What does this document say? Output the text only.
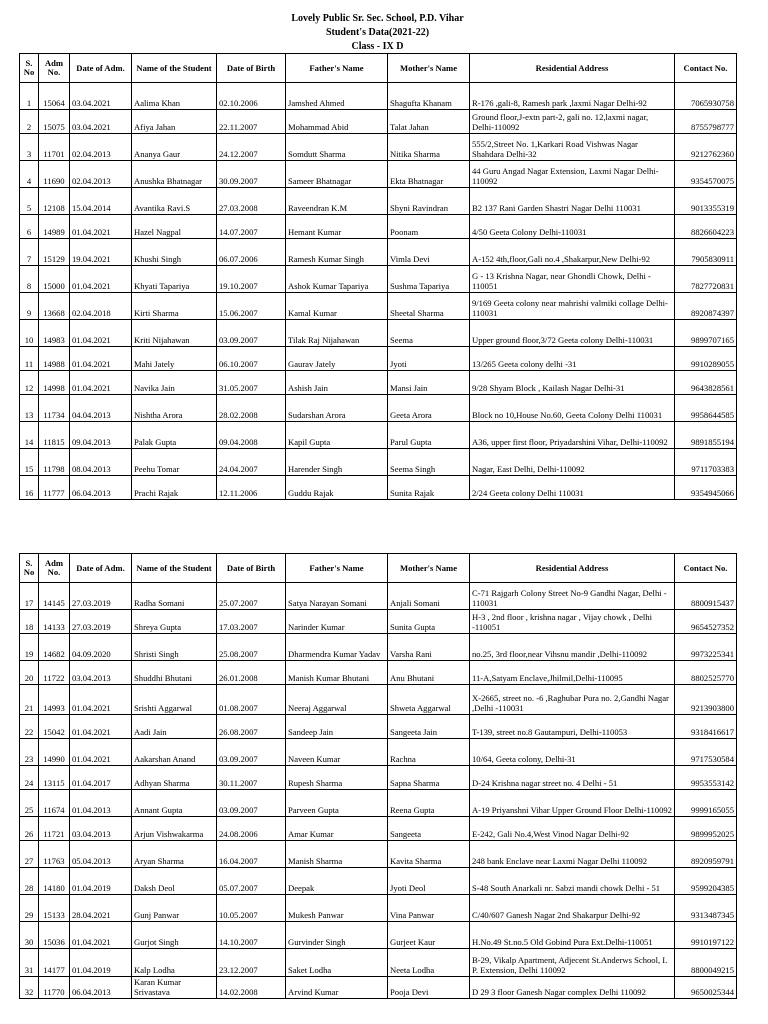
Lovely Public Sr. Sec. School, P.D. Vihar
Student's Data(2021-22)
Class - IX D
S. No	Adm No.	Date of Adm.	Name of the Student	Date of Birth	Father's Name	Mother's Name	Residential Address	Contact No.
1	15064	03.04.2021	Aalima Khan	02.10.2006	Jamshed Ahmed	Shagufta Khanam	R-176 ,gali-8, Ramesh park ,laxmi Nagar Delhi-92	7065930758
2	15075	03.04.2021	Afiya Jahan	22.11.2007	Mohammad Abid	Talat Jahan	Ground floor,J-extn part-2, gali no. 12,laxmi nagar, Delhi-110092	8755798777
3	11701	02.04.2013	Ananya Gaur	24.12.2007	Somdutt Sharma	Nitika Sharma	555/2,Street No. 1,Karkari Road Vishwas Nagar Shahdara Delhi-32	9212762360
4	11690	02.04.2013	Anushka Bhatnagar	30.09.2007	Sameer Bhatnagar	Ekta Bhatnagar	44 Guru Angad Nagar Extension, Laxmi Nagar Delhi- 110092	9354570075
5	12108	15.04.2014	Avantika Ravi.S	27.03.2008	Raveendran K.M	Shyni Ravindran	B2 137 Rani Garden Shastri Nagar Delhi 110031	9013355319
6	14989	01.04.2021	Hazel Nagpal	14.07.2007	Hemant Kumar	Poonam	4/50 Geeta Colony Delhi-110031	8826604223
7	15129	19.04.2021	Khushi Singh	06.07.2006	Ramesh Kumar Singh	Vimla Devi	A-152 4th,floor,Gali no.4 ,Shakarpur,New Delhi-92	7905830911
8	15000	01.04.2021	Khyati Tapariya	19.10.2007	Ashok Kumar Tapariya	Sushma Tapariya	G - 13 Krishna Nagar, near Ghondli Chowk, Delhi - 110051	7827720831
9	13668	02.04.2018	Kirti Sharma	15.06.2007	Kamal Kumar	Sheetal Sharma	9/169 Geeta colony near mahrishi valmiki collage Delhi-110031	8920874397
10	14983	01.04.2021	Kriti Nijahawan	03.09.2007	Tilak Raj Nijahawan	Seema	Upper ground floor,3/72 Geeta colony Delhi-110031	9899707165
11	14988	01.04.2021	Mahi Jately	06.10.2007	Gaurav Jately	Jyoti	13/265 Geeta colony delhi -31	9910289055
12	14998	01.04.2021	Navika Jain	31.05.2007	Ashish Jain	Mansi Jain	9/28 Shyam Block , Kailash Nagar Delhi-31	9643828561
13	11734	04.04.2013	Nishtha Arora	28.02.2008	Sudarshan Arora	Geeta Arora	Block no 10,House No.60, Geeta Colony Delhi 110031	9958644585
14	11815	09.04.2013	Palak Gupta	09.04.2008	Kapil Gupta	Parul Gupta	A36, upper first floor, Priyadarshini Vihar, Delhi-110092	9891855194
15	11798	08.04.2013	Peehu Tomar	24.04.2007	Harender Singh	Seema Singh	Nagar, East Delhi, Delhi-110092	9711703383
16	11777	06.04.2013	Prachi Rajak	12.11.2006	Guddu Rajak	Sunita Rajak	2/24 Geeta colony Delhi 110031	9354945066
S. No	Adm No.	Date of Adm.	Name of the Student	Date of Birth	Father's Name	Mother's Name	Residential Address	Contact No.
17	14145	27.03.2019	Radha Somani	25.07.2007	Satya Narayan Somani	Anjali Somani	C-71 Rajgarh Colony Street No-9 Gandhi Nagar, Delhi - 110031	8800915437
18	14133	27.03.2019	Shreya Gupta	17.03.2007	Narinder Kumar	Sunita Gupta	H-3 , 2nd floor , krishna nagar , Vijay chowk , Delhi -110051	9654527352
19	14682	04.09.2020	Shristi Singh	25.08.2007	Dharmendra Kumar Yadav	Varsha Rani	no.25, 3rd floor,near Vihsnu mandir ,Delhi-110092	9973225341
20	11722	03.04.2013	Shuddhi Bhutani	26.01.2008	Manish Kumar Bhutani	Anu Bhutani	11-A,Satyam Enclave,Jhilmil,Delhi-110095	8802525770
21	14993	01.04.2021	Srishti Aggarwal	01.08.2007	Neeraj Aggarwal	Shweta Aggarwal	X-2665, street no. -6 ,Raghubar Pura no. 2,Gandhi Nagar ,Delhi -110031	9213903800
22	15042	01.04.2021	Aadi Jain	26.08.2007	Sandeep Jain	Sangeeta Jain	T-139, street no.8 Gautampuri, Delhi-110053	9318416617
23	14990	01.04.2021	Aakarshan Anand	03.09.2007	Naveen Kumar	Rachna	10/64, Geeta colony, Delhi-31	9717530584
24	13115	01.04.2017	Adhyan Sharma	30.11.2007	Rupesh Sharma	Sapna Sharma	D-24 Krishna nagar street no. 4 Delhi - 51	9953553142
25	11674	01.04.2013	Annant Gupta	03.09.2007	Parveen Gupta	Reena Gupta	A-19 Priyanshni Vihar Upper Ground Floor Delhi-110092	9999165055
26	11721	03.04.2013	Arjun Vishwakarma	24.08.2006	Amar Kumar	Sangeeta	E-242, Gali No.4,West Vinod Nagar Delhi-92	9899952025
27	11763	05.04.2013	Aryan Sharma	16.04.2007	Manish Sharma	Kavita Sharma	248 bank Enclave near Laxmi Nagar Delhi 110092	8920959791
28	14180	01.04.2019	Daksh Deol	05.07.2007	Deepak	Jyoti Deol	S-48 South Anarkali nr. Sabzi mandi chowk Delhi - 51	9599204385
29	15133	28.04.2021	Gunj Panwar	10.05.2007	Mukesh Panwar	Vina Panwar	C/40/607 Ganesh Nagar 2nd Shakarpur Delhi-92	9313487345
30	15036	01.04.2021	Gurjot Singh	14.10.2007	Gurvinder Singh	Gurjeet Kaur	H.No.49 St.no.5 Old Gobind Pura Ext.Delhi-110051	9910197122
31	14177	01.04.2019	Kalp Lodha	23.12.2007	Saket Lodha	Neeta Lodha	B-29, Vikalp Apartment, Adjecent St.Anderws School, I. P. Extension, Delhi 110092	8800049215
32	11770	06.04.2013	Karan Kumar Srivastava	14.02.2008	Arvind Kumar	Pooja Devi	D 29 3 floor Ganesh Nagar complex Delhi 110092	9650025344
